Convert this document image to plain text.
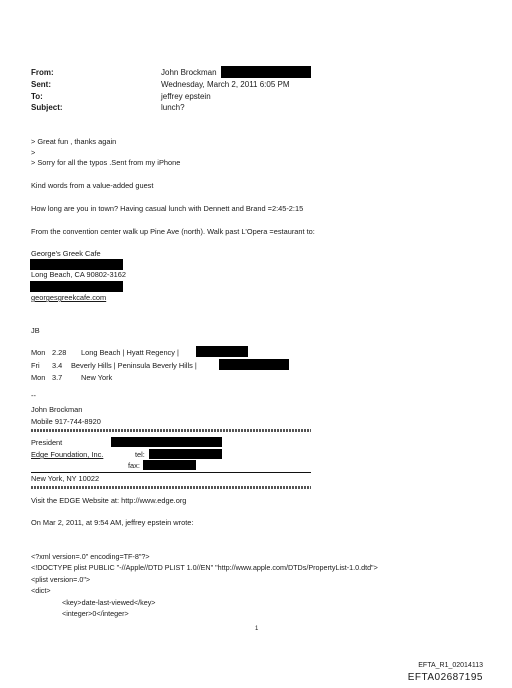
From:	John Brockman
Sent:	Wednesday, March 2, 2011 6:05 PM
To:	jeffrey epstein
Subject:	lunch?
> Great fun , thanks again
>
> Sorry for all the typos .Sent from my iPhone
Kind words from a value-added guest
How long are you in town? Having casual lunch with Dennett and Brand =2:45-2:15
From the convention center walk up Pine Ave (north). Walk past L'Opera =estaurant to:
George's Greek Cafe
Long Beach, CA 90802-3162
georgesgreekcafe.com
JB
Mon 2.28 Long Beach | Hyatt Regency |
Fri 3.4 Beverly Hills | Peninsula Beverly Hills |
Mon 3.7	New York
--
John Brockman
Mobile 917-744-8920
President
Edge Foundation, Inc.	tel:
fax:
New York, NY 10022
Visit the EDGE Website at: http://www.edge.org
On Mar 2, 2011, at 9:54 AM, jeffrey epstein wrote:
<?xml version=.0" encoding=TF-8"?>
<!DOCTYPE plist PUBLIC "-//Apple//DTD PLIST 1.0//EN" "http://www.apple.com/DTDs/PropertyList-1.0.dtd">
<plist version=.0">
<dict>
<key>date-last-viewed</key>
<integer>0</integer>
1
EFTA_R1_02014113
EFTA02687195
